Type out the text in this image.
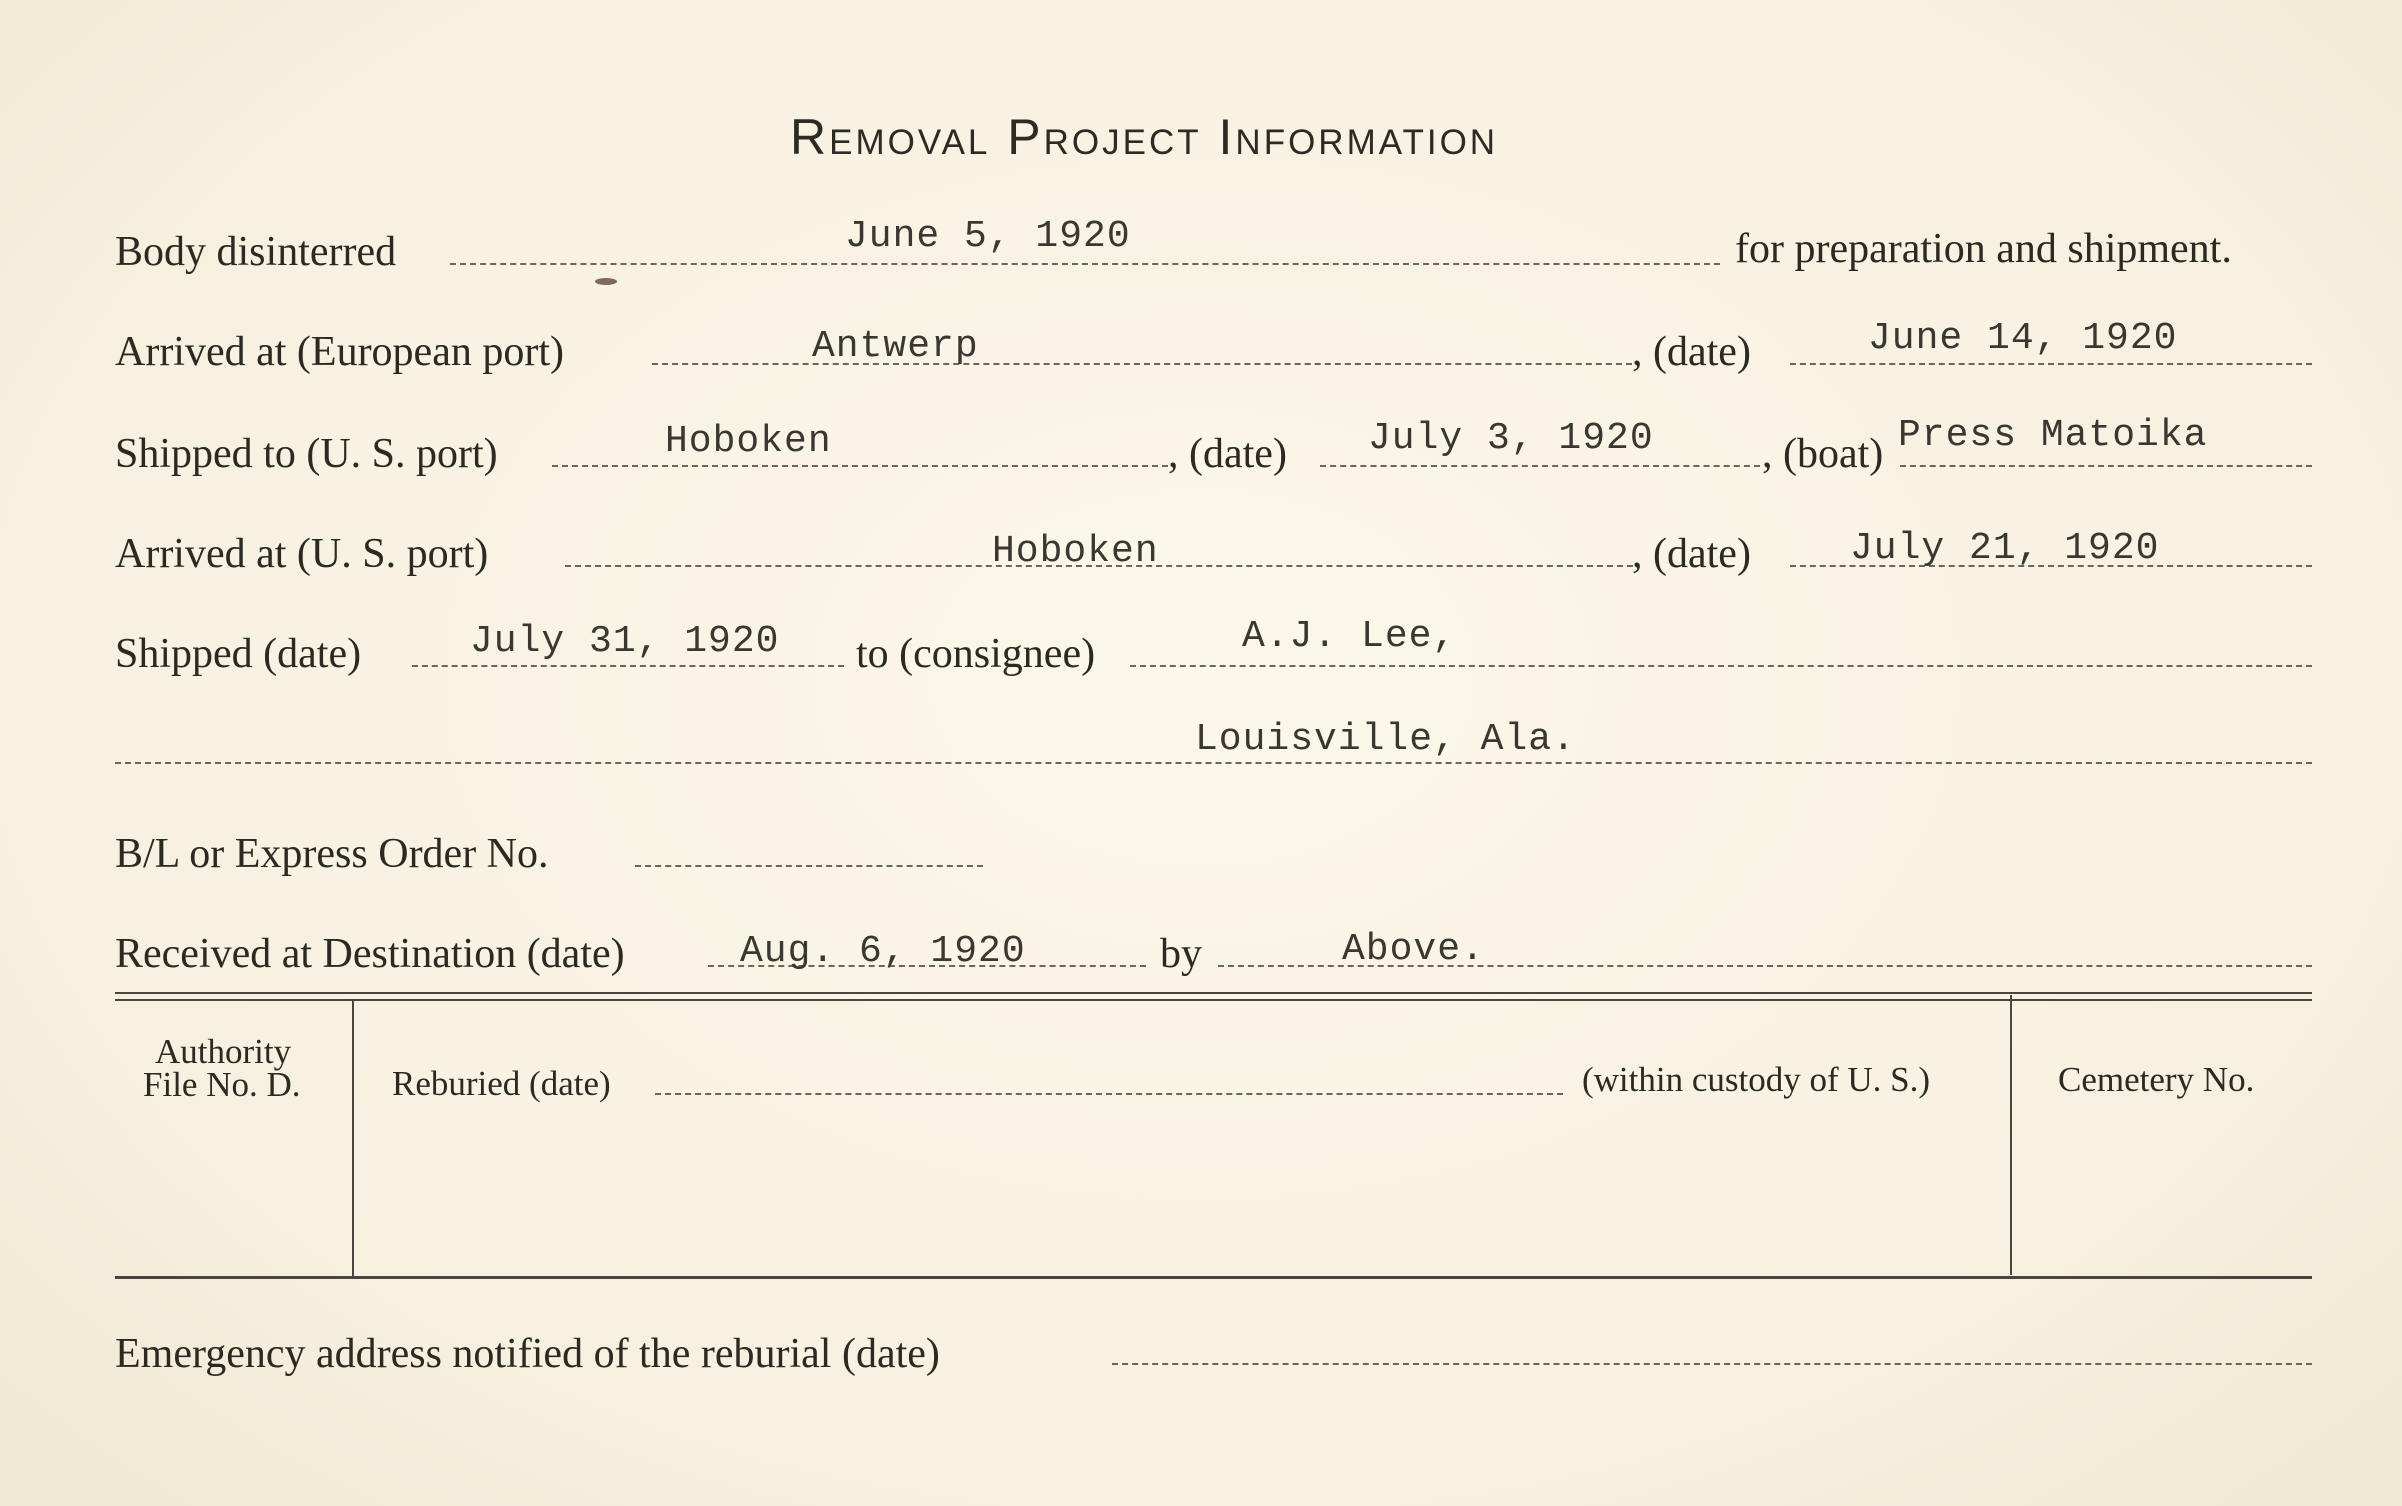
Removal Project Information
Body disinterred	June 5, 1920	for preparation and shipment.
Arrived at (European port)	Antwerp	, (date)	June 14, 1920
Shipped to (U. S. port)	Hoboken	, (date) July 3, 1920	, (boat) Press Matoika
Arrived at (U. S. port)	Hoboken	, (date)	July 21, 1920
Shipped (date)	July 31, 1920 to (consignee)	A.J. Lee,
Louisville, Ala.
B/L or Express Order No.
Received at Destination (date)	Aug. 6, 1920	by	Above.
Authority
File No. D.	Reburied (date)	(within custody of U. S.)	Cemetery No.
Emergency address notified of the reburial (date)
